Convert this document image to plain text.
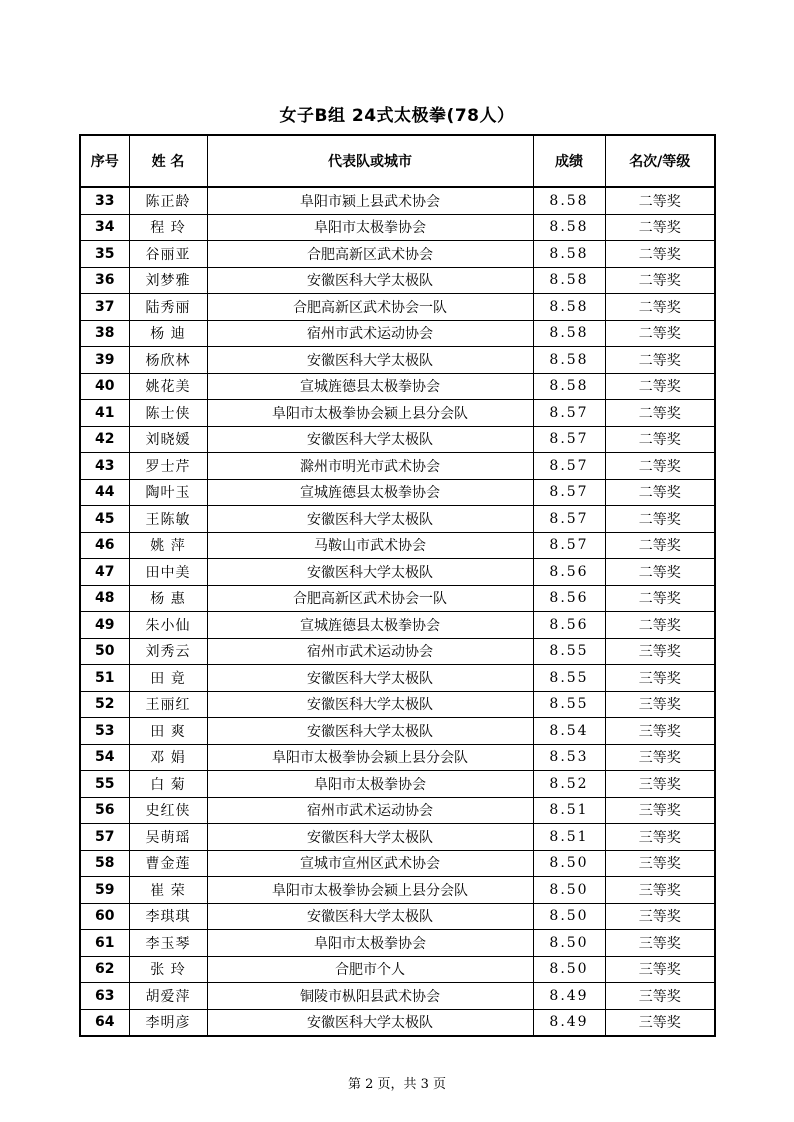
女子B组 24式太极拳(78人）
序号	姓 名	代表队或城市	成绩	名次/等级
33	陈正龄	阜阳市颍上县武术协会	8.58	二等奖
34	程 玲	阜阳市太极拳协会	8.58	二等奖
35	谷丽亚	合肥高新区武术协会	8.58	二等奖
36	刘梦雅	安徽医科大学太极队	8.58	二等奖
37	陆秀丽	合肥高新区武术协会一队	8.58	二等奖
38	杨 迪	宿州市武术运动协会	8.58	二等奖
39	杨欣林	安徽医科大学太极队	8.58	二等奖
40	姚花美	宣城旌德县太极拳协会	8.58	二等奖
41	陈士侠	阜阳市太极拳协会颍上县分会队	8.57	二等奖
42	刘晓媛	安徽医科大学太极队	8.57	二等奖
43	罗士芹	滁州市明光市武术协会	8.57	二等奖
44	陶叶玉	宣城旌德县太极拳协会	8.57	二等奖
45	王陈敏	安徽医科大学太极队	8.57	二等奖
46	姚 萍	马鞍山市武术协会	8.57	二等奖
47	田中美	安徽医科大学太极队	8.56	二等奖
48	杨 惠	合肥高新区武术协会一队	8.56	二等奖
49	朱小仙	宣城旌德县太极拳协会	8.56	二等奖
50	刘秀云	宿州市武术运动协会	8.55	三等奖
51	田 竟	安徽医科大学太极队	8.55	三等奖
52	王丽红	安徽医科大学太极队	8.55	三等奖
53	田 爽	安徽医科大学太极队	8.54	三等奖
54	邓 娟	阜阳市太极拳协会颍上县分会队	8.53	三等奖
55	白 菊	阜阳市太极拳协会	8.52	三等奖
56	史红侠	宿州市武术运动协会	8.51	三等奖
57	吴萌瑶	安徽医科大学太极队	8.51	三等奖
58	曹金莲	宣城市宣州区武术协会	8.50	三等奖
59	崔 荣	阜阳市太极拳协会颍上县分会队	8.50	三等奖
60	李琪琪	安徽医科大学太极队	8.50	三等奖
61	李玉琴	阜阳市太极拳协会	8.50	三等奖
62	张 玲	合肥市个人	8.50	三等奖
63	胡爱萍	铜陵市枞阳县武术协会	8.49	三等奖
64	李明彦	安徽医科大学太极队	8.49	三等奖
第 2 页，共 3 页
